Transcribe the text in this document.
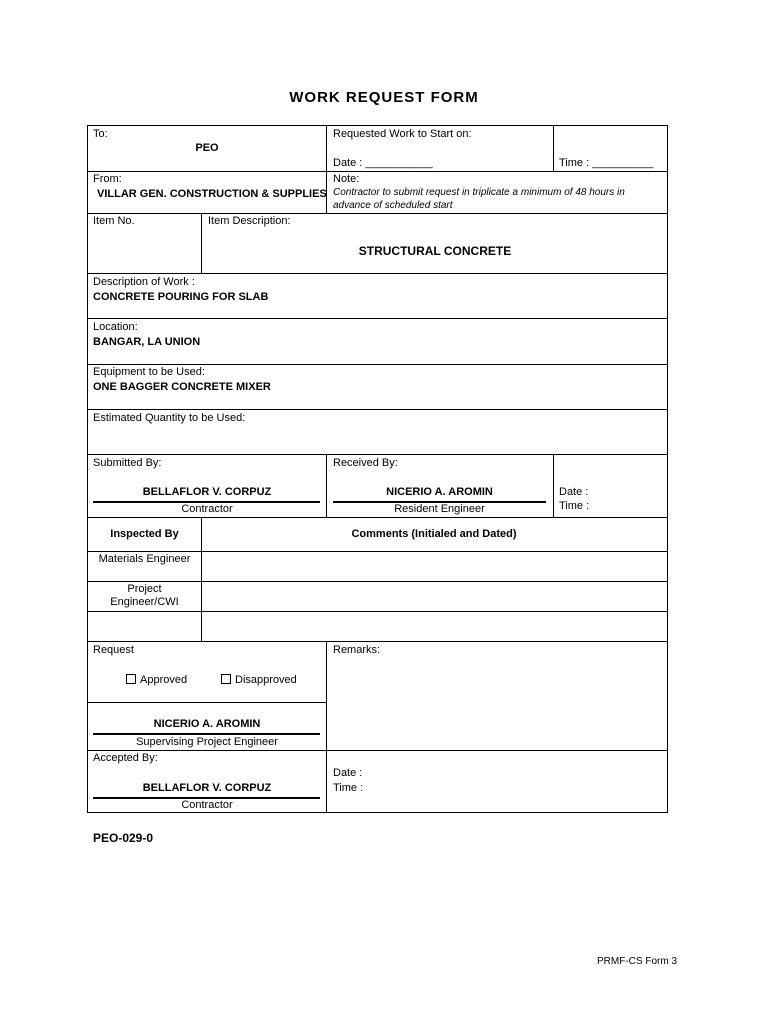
WORK REQUEST FORM
To:
PEO
Requested Work to Start on:
Date : ___________	Time : __________
From:
VILLAR GEN. CONSTRUCTION & SUPPLIES
Note:
Contractor to submit request in triplicate a minimum of 48 hours in advance of scheduled start
Item No.	Item Description:
STRUCTURAL CONCRETE
Description of Work :
CONCRETE POURING FOR SLAB
Location:
BANGAR, LA UNION
Equipment to be Used:
ONE BAGGER CONCRETE MIXER
Estimated Quantity to be Used:
Submitted By:
BELLAFLOR V. CORPUZ
Contractor
Received By:
NICERIO A. AROMIN
Resident Engineer
Date :
Time :
Inspected By	Comments (Initialed and Dated)
Materials Engineer
Project
Engineer/CWI
Request
Approved	Disapproved
NICERIO A. AROMIN
Supervising Project Engineer
Remarks:
Accepted By:
BELLAFLOR V. CORPUZ
Contractor
Date :
Time :
PEO-029-0
PRMF-CS Form 3
